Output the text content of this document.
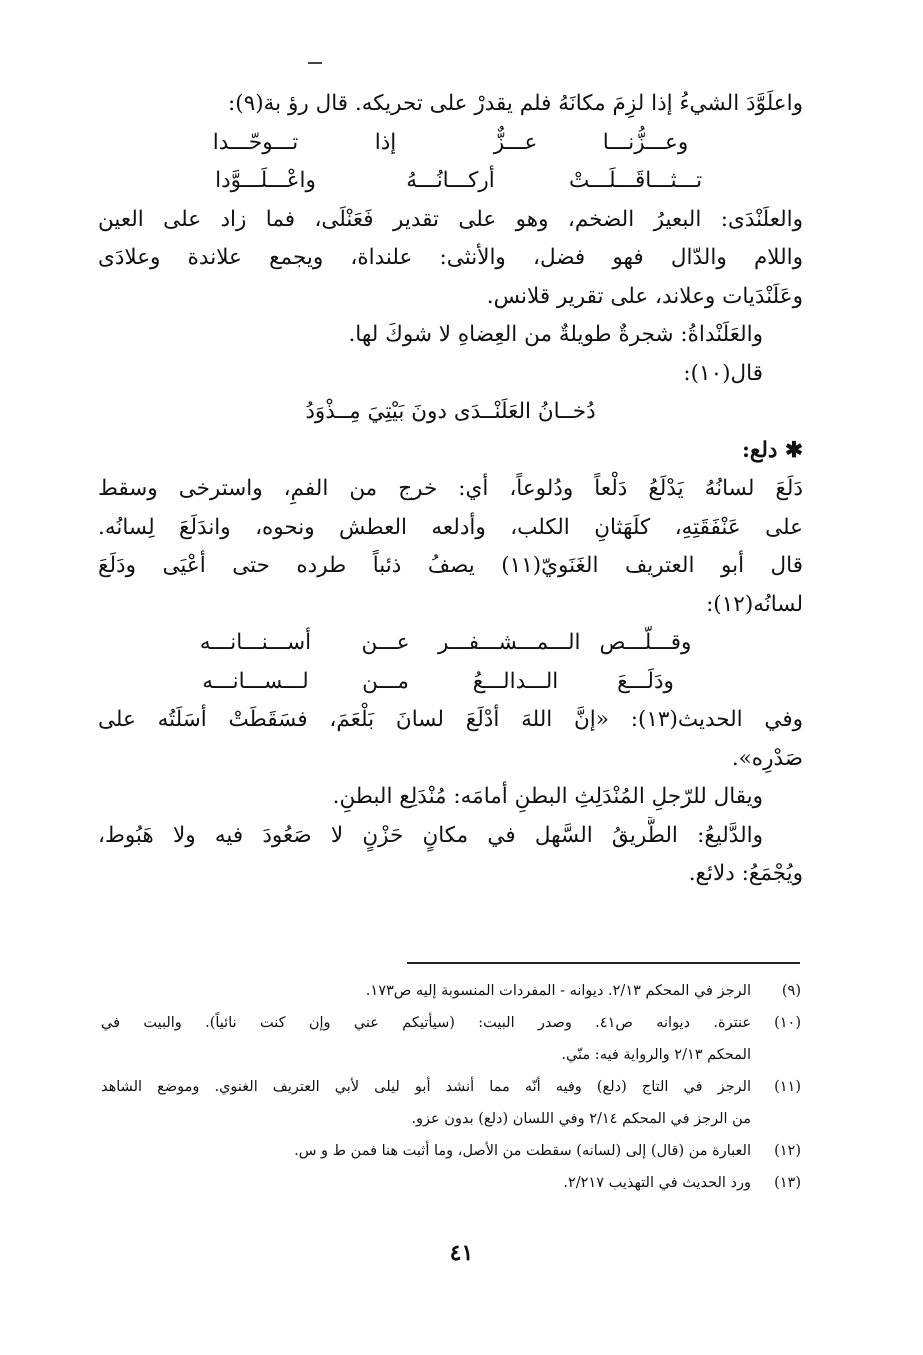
واعلَوَّدَ الشيءُ إذا لزِمَ مكانَهُ فلم يقدرْ على تحريكه. قال رؤ بة(٩):
وعـــزُّنـــا
عـــزٌّ
إذا
تـــوحّـــدا
تـــثـــاقَـــلَـــتْ
أركـــانُـــهُ
واعْـــلَـــوَّدا
والعلَنْدَى: البعيرُ الضخم، وهو على تقدير فَعَنْلَى، فما زاد على العين
واللام والدّال فهو فضل، والأنثى: علنداة، ويجمع علاندة وعلادَى
وعَلَنْدَيات وعلاند، على تقرير قلانس.
والعَلَنْداةُ: شجرةٌ طويلةٌ من العِضاهِ لا شوكَ لها.
قال(١٠):
دُخــانُ العَلَنْــدَى دونَ بَيْتِيَ مِــذْوَدُ
✱ دلع:
دَلَعَ لسانُهُ يَدْلَعُ دَلْعاً ودُلوعاً، أي: خرج من الفمِ، واسترخى وسقط
على عَنْفَقَتِهِ، كلَهَثانِ الكلب، وأدلعه العطش ونحوه، واندَلَعَ لِسانُه.
قال أبو العتريف الغَنَويّ(١١) يصفُ ذئباً طرده حتى أعْيَى ودَلَعَ
لسانُه(١٢):
وقـــلّـــص
الـــمـــشـــفـــر
عـــن
أســـنـــانـــه
ودَلَـــعَ
الـــدالـــعُ
مـــن
لـــســـانـــه
وفي الحديث(١٣): «إنَّ اللهَ أدْلَعَ لسانَ بَلْعَمَ، فسَقَطَتْ أسَلَتُه على
صَدْرِه».
ويقال للرّجلِ المُنْدَلِثِ البطنِ أمامَه: مُنْدَلِع البطنِ.
والدَّليعُ: الطَّريقُ السَّهل في مكانٍ حَزْنٍ لا صَعُودَ فيه ولا هَبُوط،
ويُجْمَعُ: دلائع.
(٩)
الرجز في المحكم ٢/١٣. ديوانه - المفردات المنسوبة إليه ص١٧٣.
(١٠)
عنترة. ديوانه ص٤١. وصدر البيت: (سيأتيكم عني وإن كنت نائياً). والبيت في
المحكم ٢/١٣ والرواية فيه: منّي.
(١١)
الرجز في التاج (دلع) وفيه أنّه مما أنشد أبو ليلى لأبي العتريف الغنوي. وموضع الشاهد
من الرجز في المحكم ٢/١٤ وفي اللسان (دلع) بدون عزو.
(١٢)
العبارة من (قال) إلى (لسانه) سقطت من الأصل، وما أثبت هنا فمن ط و س.
(١٣)
ورد الحديث في التهذيب ٢/٢١٧.
٤١
